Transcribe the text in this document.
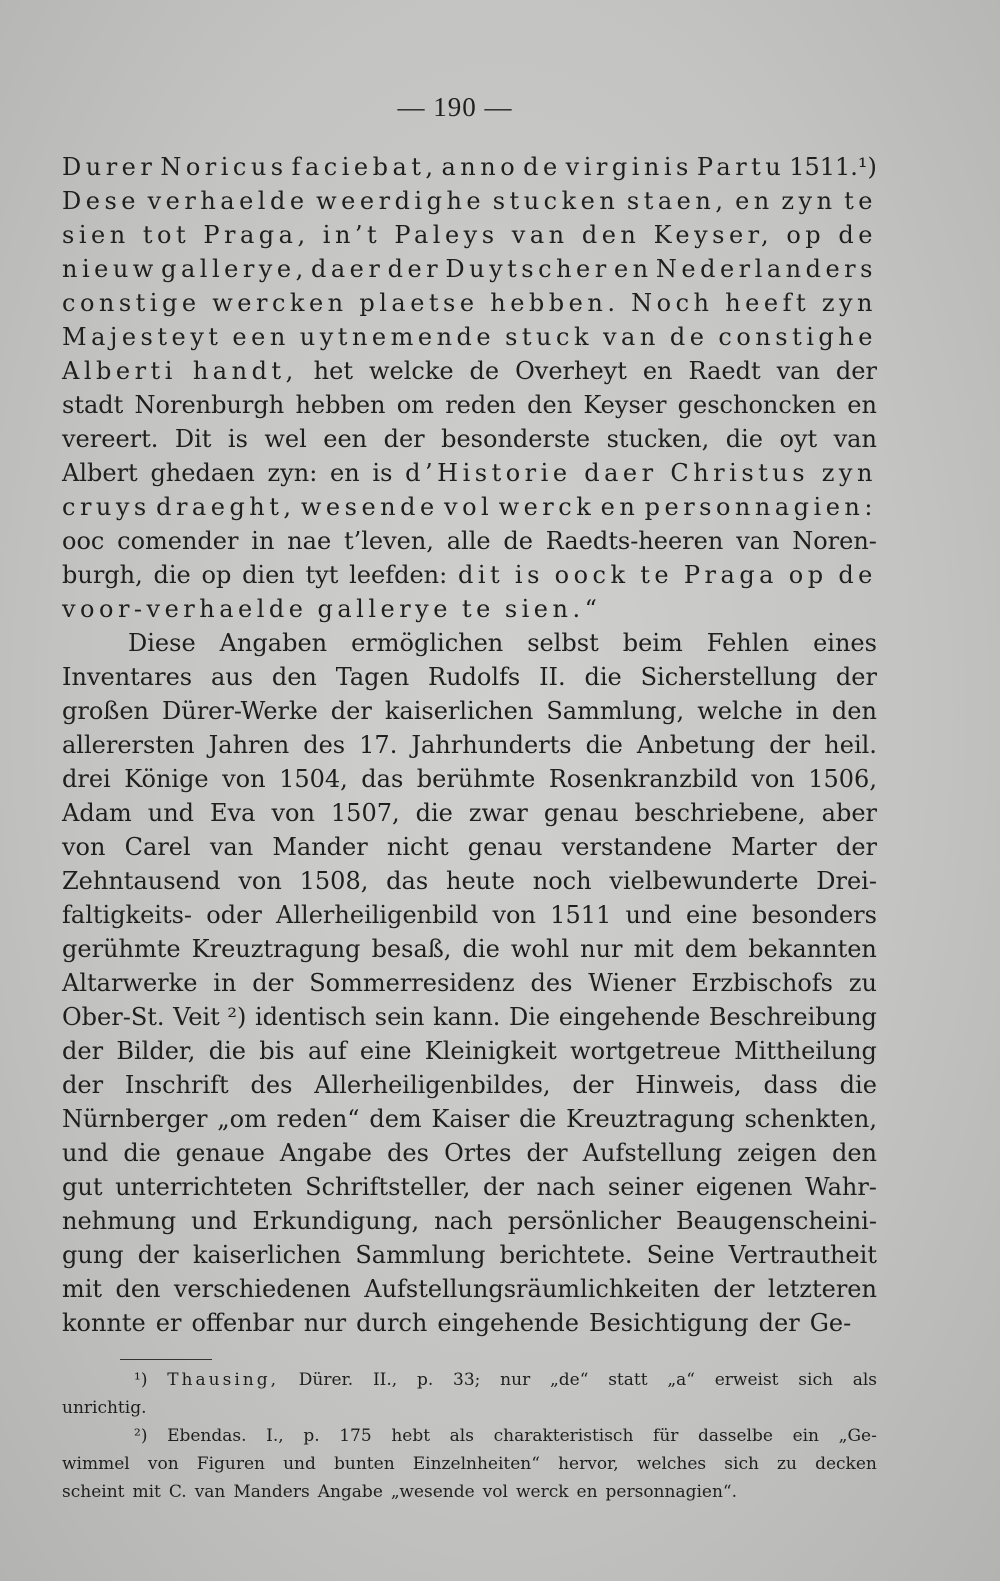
— 190 —
Durer Noricus faciebat, anno de virginis Partu 1511.¹)
Dese verhaelde weerdighe stucken staen, en zyn te
sien tot Praga, in’t Paleys van den Keyser, op de
nieuw gallerye, daer der Duytscher en Nederlanders
constige wercken plaetse hebben. Noch heeft zyn
Majesteyt een uytnemende stuck van de constighe
Alberti handt, het welcke de Overheyt en Raedt van der
stadt Norenburgh hebben om reden den Keyser geschoncken en
vereert. Dit is wel een der besonderste stucken, die oyt van
Albert ghedaen zyn: en is d’Historie daer Christus zyn
cruys draeght, wesende vol werck en personnagien:
ooc comender in nae t’leven, alle de Raedts-heeren van Noren-
burgh, die op dien tyt leefden: dit is oock te Praga op de
voor-verhaelde gallerye te sien.“
Diese Angaben ermöglichen selbst beim Fehlen eines
Inventares aus den Tagen Rudolfs II. die Sicherstellung der
großen Dürer-Werke der kaiserlichen Sammlung, welche in den
allerersten Jahren des 17. Jahrhunderts die Anbetung der heil.
drei Könige von 1504, das berühmte Rosenkranzbild von 1506,
Adam und Eva von 1507, die zwar genau beschriebene, aber
von Carel van Mander nicht genau verstandene Marter der
Zehntausend von 1508, das heute noch vielbewunderte Drei-
faltigkeits- oder Allerheiligenbild von 1511 und eine besonders
gerühmte Kreuztragung besaß, die wohl nur mit dem bekannten
Altarwerke in der Sommerresidenz des Wiener Erzbischofs zu
Ober-St. Veit ²) identisch sein kann. Die eingehende Beschreibung
der Bilder, die bis auf eine Kleinigkeit wortgetreue Mittheilung
der Inschrift des Allerheiligenbildes, der Hinweis, dass die
Nürnberger „om reden“ dem Kaiser die Kreuztragung schenkten,
und die genaue Angabe des Ortes der Aufstellung zeigen den
gut unterrichteten Schriftsteller, der nach seiner eigenen Wahr-
nehmung und Erkundigung, nach persönlicher Beaugenscheini-
gung der kaiserlichen Sammlung berichtete. Seine Vertrautheit
mit den verschiedenen Aufstellungsräumlichkeiten der letzteren
konnte er offenbar nur durch eingehende Besichtigung der Ge-
¹) Thausing, Dürer. II., p. 33; nur „de“ statt „a“ erweist sich als
unrichtig.
²) Ebendas. I., p. 175 hebt als charakteristisch für dasselbe ein „Ge-
wimmel von Figuren und bunten Einzelnheiten“ hervor, welches sich zu decken
scheint mit C. van Manders Angabe „wesende vol werck en personnagien“.
